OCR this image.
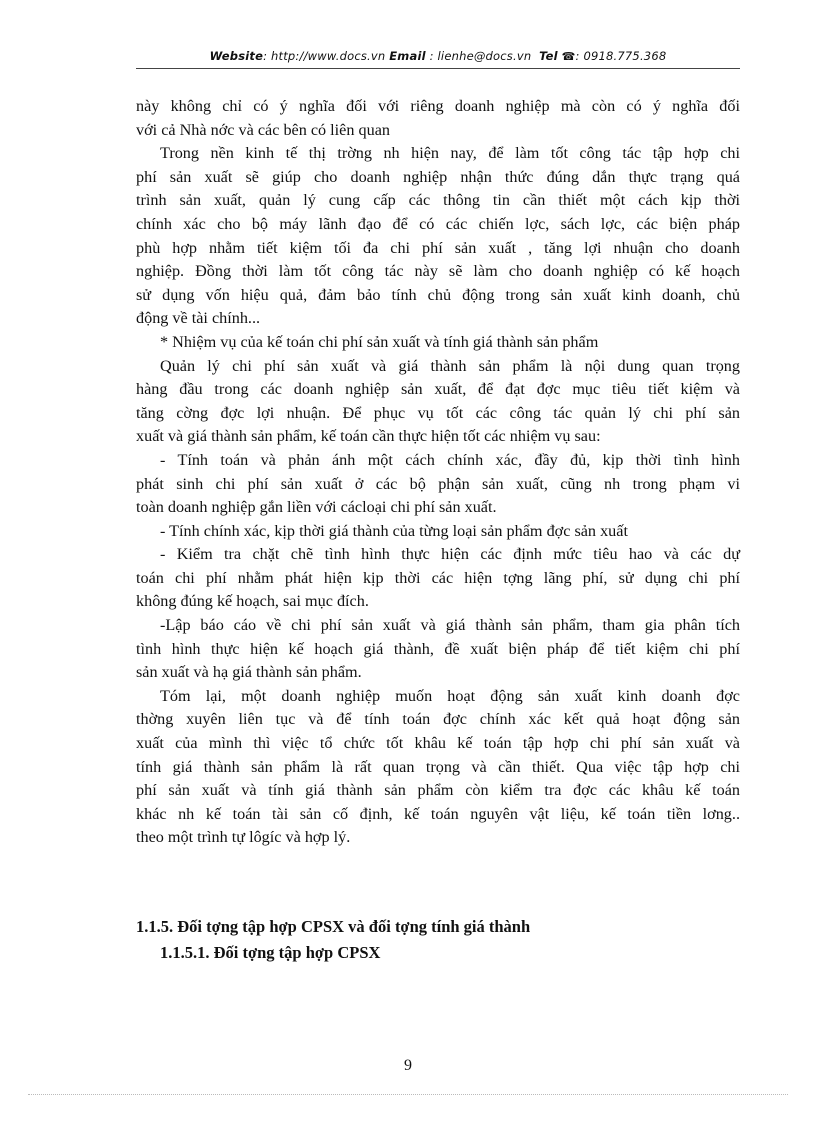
Website: http://www.docs.vn Email : lienhe@docs.vn Tel ☎: 0918.775.368

này không chỉ có ý nghĩa đối với riêng doanh nghiệp mà còn có ý nghĩa đối

với cả Nhà nớc và các bên có liên quan

Trong nền kinh tế thị trờng nh hiện nay, để làm tốt công tác tập hợp chi

phí sản xuất sẽ giúp cho doanh nghiệp nhận thức đúng dắn thực trạng quá

trình sản xuất, quản lý cung cấp các thông tin cần thiết một cách kịp thời

chính xác cho bộ máy lãnh đạo để có các chiến lợc, sách lợc, các biện pháp

phù hợp nhằm tiết kiệm tối đa chi phí sản xuất , tăng lợi nhuận cho doanh

nghiệp. Đồng thời làm tốt công tác này sẽ làm cho doanh nghiệp có kế hoạch

sử dụng vốn hiệu quả, đảm bảo tính chủ động trong sản xuất kinh doanh, chủ

động về tài chính...

* Nhiệm vụ của kế toán chi phí sản xuất và tính giá thành sản phẩm

Quản lý chi phí sản xuất và giá thành sản phẩm là nội dung quan trọng

hàng đầu trong các doanh nghiệp sản xuất, để đạt đợc mục tiêu tiết kiệm và

tăng cờng đợc lợi nhuận. Để phục vụ tốt các công tác quản lý chi phí sản

xuất và giá thành sản phẩm, kế toán cần thực hiện tốt các nhiệm vụ sau:

- Tính toán và phản ánh một cách chính xác, đầy đủ, kịp thời tình hình

phát sinh chi phí sản xuất ở các bộ phận sản xuất, cũng nh trong phạm vi

toàn doanh nghiệp gắn liền với cácloại chi phí sản xuất.

- Tính chính xác, kịp thời giá thành của từng loại sản phẩm đợc sản xuất

- Kiểm tra chặt chẽ tình hình thực hiện các định mức tiêu hao và các dự

toán chi phí nhằm phát hiện kịp thời các hiện tợng lãng phí, sử dụng chi phí

không đúng kế hoạch, sai mục đích.

-Lập báo cáo về chi phí sản xuất và giá thành sản phẩm, tham gia phân tích

tình hình thực hiện kế hoạch giá thành, đề xuất biện pháp để tiết kiệm chi phí

sản xuất và hạ giá thành sản phẩm.

Tóm lại, một doanh nghiệp muốn hoạt động sản xuất kinh doanh đợc

thờng xuyên liên tục và để tính toán đợc chính xác kết quả hoạt động sản

xuất của mình thì việc tổ chức tốt khâu kế toán tập hợp chi phí sản xuất và

tính giá thành sản phẩm là rất quan trọng và cần thiết. Qua việc tập hợp chi

phí sản xuất và tính giá thành sản phẩm còn kiểm tra đợc các khâu kế toán

khác nh kế toán tài sản cố định, kế toán nguyên vật liệu, kế toán tiền lơng..

theo một trình tự lôgíc và hợp lý.

1.1.5. Đối tợng tập hợp CPSX và đối tợng tính giá thành
1.1.5.1. Đối tợng tập hợp CPSX
9
